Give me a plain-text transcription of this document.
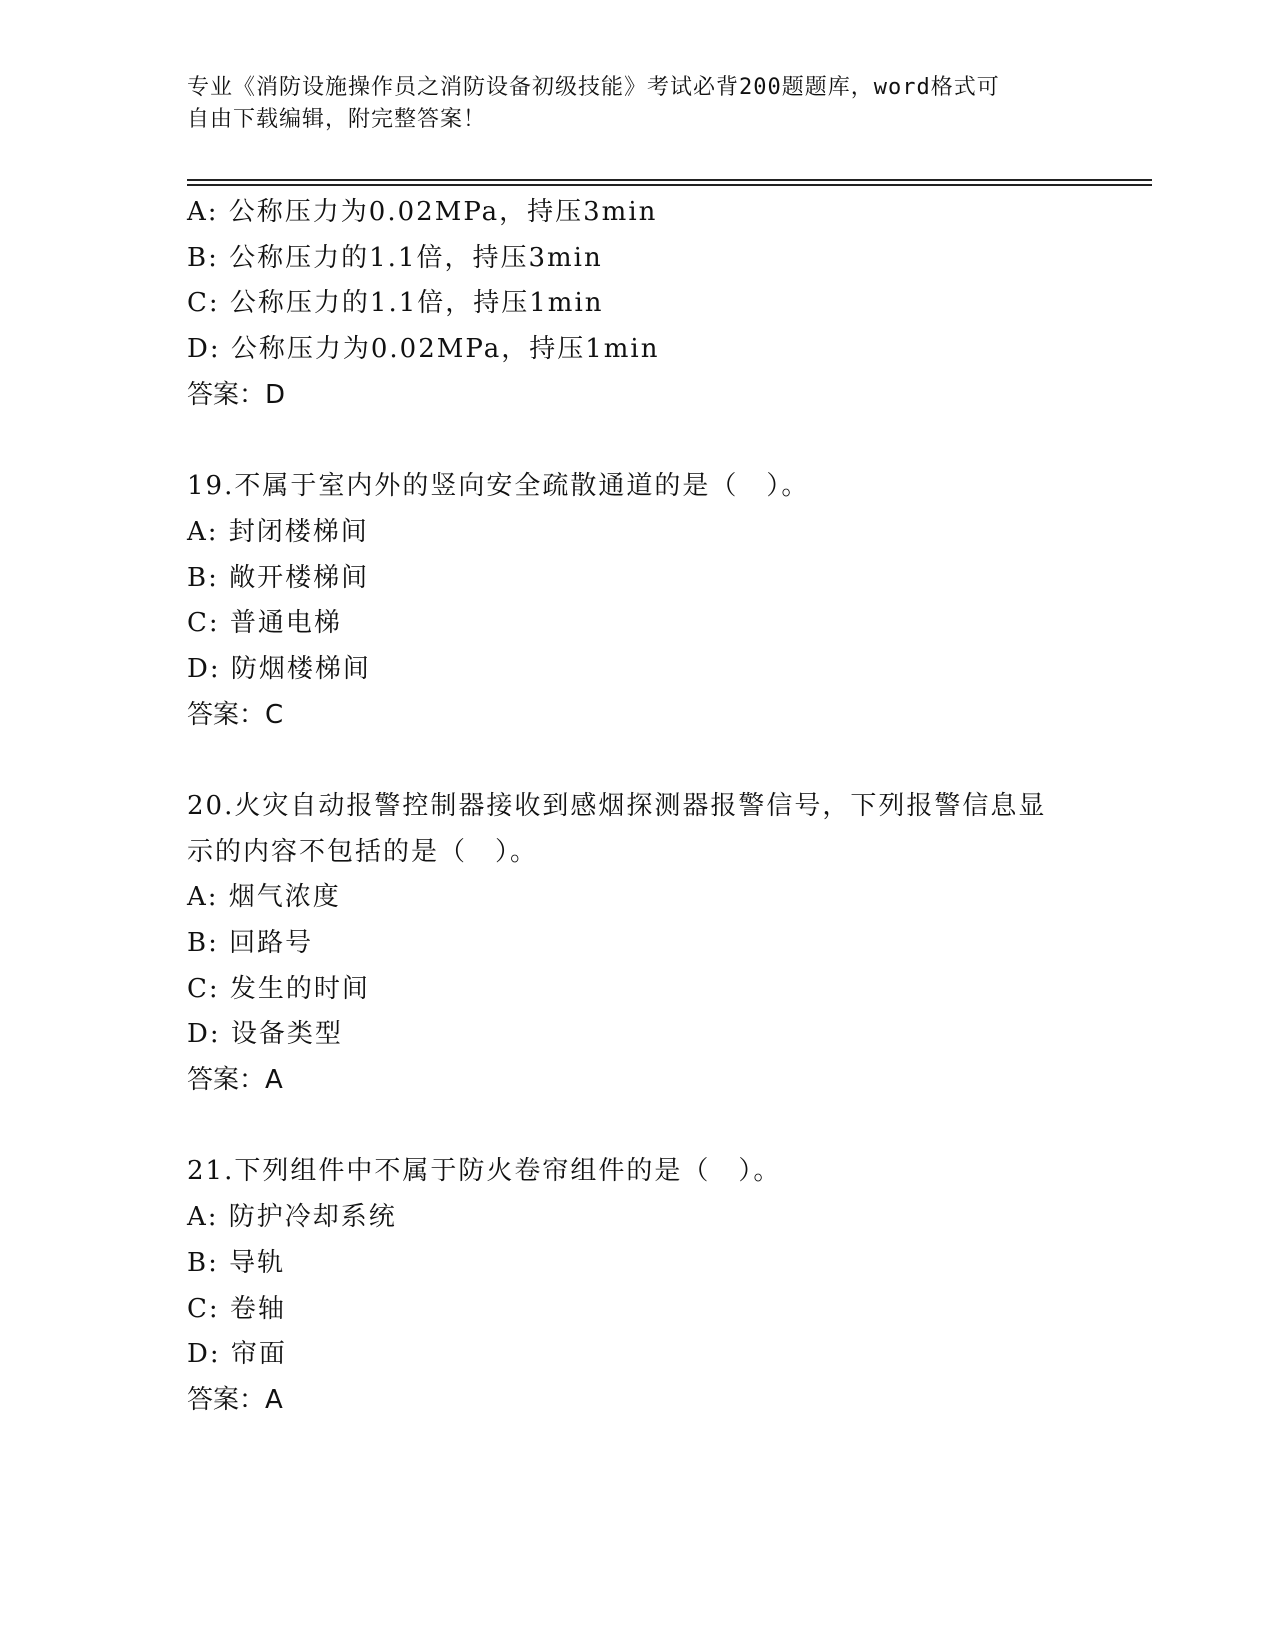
专业《消防设施操作员之消防设备初级技能》考试必背200题题库，word格式可
自由下载编辑，附完整答案！
A: 公称压力为0.02MPa，持压3min
B: 公称压力的1.1倍，持压3min
C: 公称压力的1.1倍，持压1min
D: 公称压力为0.02MPa，持压1min
答案：D
19.不属于室内外的竖向安全疏散通道的是（　）。
A: 封闭楼梯间
B: 敞开楼梯间
C: 普通电梯
D: 防烟楼梯间
答案：C
20.火灾自动报警控制器接收到感烟探测器报警信号，下列报警信息显
示的内容不包括的是（　）。
A: 烟气浓度
B: 回路号
C: 发生的时间
D: 设备类型
答案：A
21.下列组件中不属于防火卷帘组件的是（　）。
A: 防护冷却系统
B: 导轨
C: 卷轴
D: 帘面
答案：A
